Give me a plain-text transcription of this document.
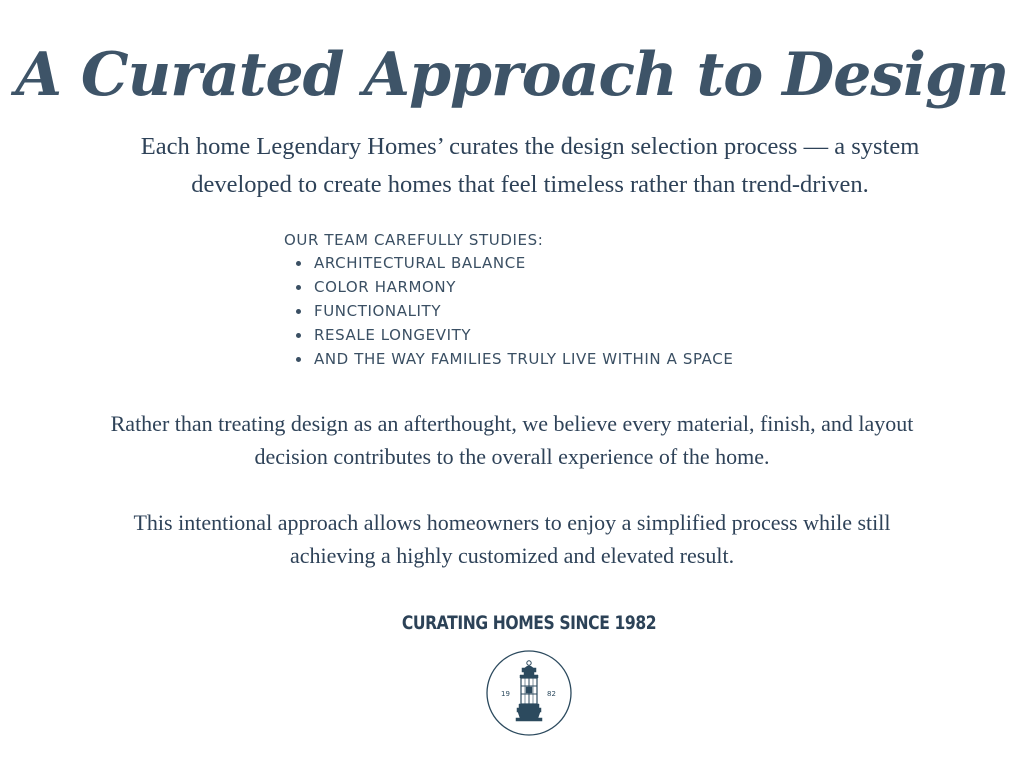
A Curated Approach to Design

Each home Legendary Homes’ curates the design selection process — a system developed to create homes that feel timeless rather than trend-driven.

OUR TEAM CAREFULLY STUDIES:

ARCHITECTURAL BALANCE
COLOR HARMONY
FUNCTIONALITY
RESALE LONGEVITY
AND THE WAY FAMILIES TRULY LIVE WITHIN A SPACE

Rather than treating design as an afterthought, we believe every material, finish, and layout decision contributes to the overall experience of the home.

This intentional approach allows homeowners to enjoy a simplified process while still achieving a highly customized and elevated result.

CURATING HOMES SINCE 1982
19	82
